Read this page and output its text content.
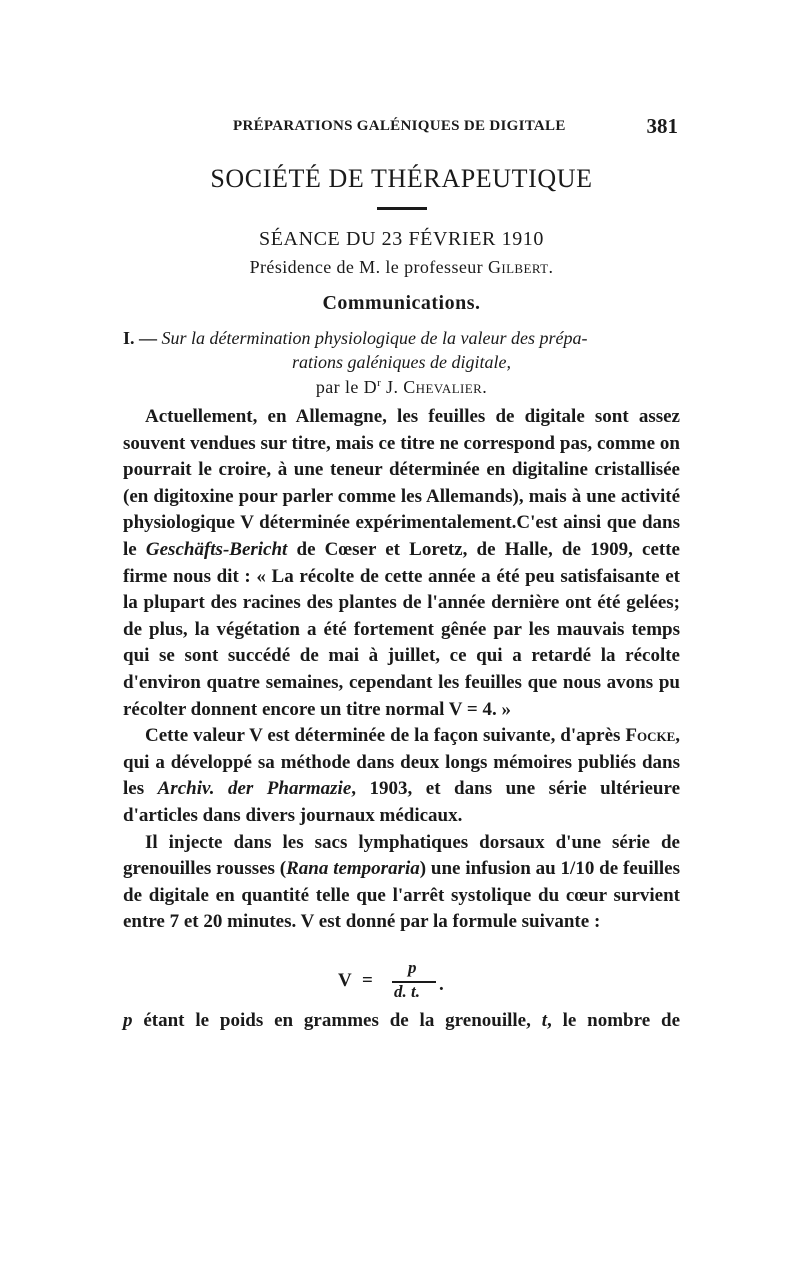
PRÉPARATIONS GALÉNIQUES DE DIGITALE	381
SOCIÉTÉ DE THÉRAPEUTIQUE
SÉANCE DU 23 FÉVRIER 1910
Présidence de M. le professeur Gilbert.
Communications.
I. — Sur la détermination physiologique de la valeur des prépa-
rations galéniques de digitale,
par le $D^r$ J. Chevalier.

Actuellement, en Allemagne, les feuilles de digitale sont assez souvent vendues sur titre, mais ce titre ne correspond pas, comme on pourrait le croire, à une teneur déterminée en digitaline cristallisée (en digitoxine pour parler comme les Allemands), mais à une activité physiologique V déterminée expérimentalement.C'est ainsi que dans le Geschäfts-Bericht de Cœser et Loretz, de Halle, de 1909, cette firme nous dit : « La récolte de cette année a été peu satisfaisante et la plupart des racines des plantes de l'année dernière ont été gelées; de plus, la végétation a été fortement gênée par les mauvais temps qui se sont succédé de mai à juillet, ce qui a retardé la récolte d'environ quatre semaines, cependant les feuilles que nous avons pu récolter donnent encore un titre normal V = 4. »

Cette valeur V est déterminée de la façon suivante, d'après Focke, qui a développé sa méthode dans deux longs mémoires publiés dans les Archiv. der Pharmazie, 1903, et dans une série ultérieure d'articles dans divers journaux médicaux.

Il injecte dans les sacs lymphatiques dorsaux d'une série de grenouilles rousses (Rana temporaria) une infusion au 1/10 de feuilles de digitale en quantité telle que l'arrêt systolique du cœur survient entre 7 et 20 minutes. V est donné par la formule suivante :

V =
p
d. t. .
p étant le poids en grammes de la grenouille, t, le nombre de
